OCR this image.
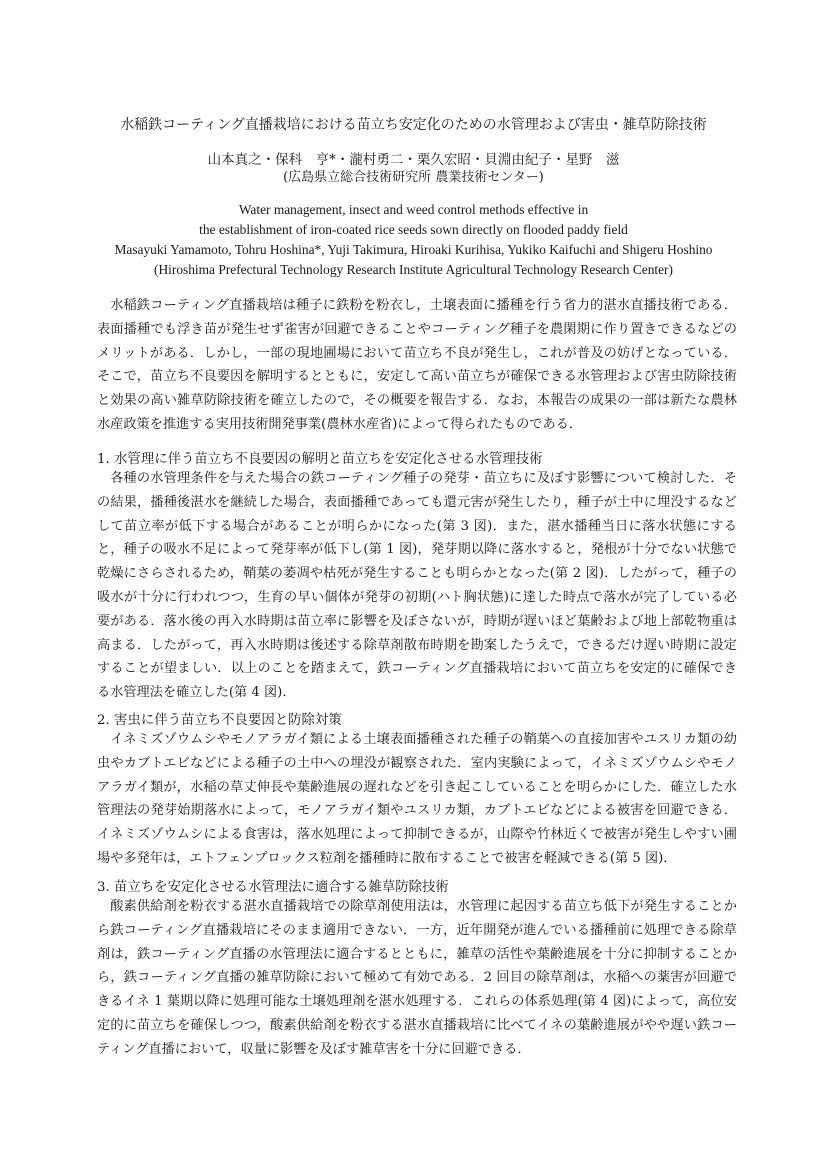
水稲鉄コーティング直播栽培における苗立ち安定化のための水管理および害虫・雑草防除技術
山本真之・保科　亨*・瀧村勇二・栗久宏昭・貝淵由紀子・星野　滋
(広島県立総合技術研究所 農業技術センター)
Water management, insect and weed control methods effective in
the establishment of iron-coated rice seeds sown directly on flooded paddy field
Masayuki Yamamoto, Tohru Hoshina*, Yuji Takimura, Hiroaki Kurihisa, Yukiko Kaifuchi and Shigeru Hoshino
(Hiroshima Prefectural Technology Research Institute Agricultural Technology Research Center)

水稲鉄コーティング直播栽培は種子に鉄粉を粉衣し，土壌表面に播種を行う省力的湛水直播技術である．表面播種でも浮き苗が発生せず雀害が回避できることやコーティング種子を農閑期に作り置きできるなどのメリットがある．しかし，一部の現地圃場において苗立ち不良が発生し，これが普及の妨げとなっている．そこで，苗立ち不良要因を解明するとともに，安定して高い苗立ちが確保できる水管理および害虫防除技術と効果の高い雑草防除技術を確立したので，その概要を報告する．なお，本報告の成果の一部は新たな農林水産政策を推進する実用技術開発事業(農林水産省)によって得られたものである．

1. 水管理に伴う苗立ち不良要因の解明と苗立ちを安定化させる水管理技術

各種の水管理条件を与えた場合の鉄コーティング種子の発芽・苗立ちに及ぼす影響について検討した．その結果，播種後湛水を継続した場合，表面播種であっても還元害が発生したり，種子が土中に埋没するなどして苗立率が低下する場合があることが明らかになった(第 3 図)．また，湛水播種当日に落水状態にすると，種子の吸水不足によって発芽率が低下し(第 1 図)，発芽期以降に落水すると，発根が十分でない状態で乾燥にさらされるため，鞘葉の萎凋や枯死が発生することも明らかとなった(第 2 図)．したがって，種子の吸水が十分に行われつつ，生育の早い個体が発芽の初期(ハト胸状態)に達した時点で落水が完了している必要がある．落水後の再入水時期は苗立率に影響を及ぼさないが，時期が遅いほど葉齢および地上部乾物重は高まる．したがって，再入水時期は後述する除草剤散布時期を勘案したうえで，できるだけ遅い時期に設定することが望ましい．以上のことを踏まえて，鉄コーティング直播栽培において苗立ちを安定的に確保できる水管理法を確立した(第 4 図)．

2. 害虫に伴う苗立ち不良要因と防除対策

イネミズゾウムシやモノアラガイ類による土壌表面播種された種子の鞘葉への直接加害やユスリカ類の幼虫やカブトエビなどによる種子の土中への埋没が観察された．室内実験によって，イネミズゾウムシやモノアラガイ類が，水稲の草丈伸長や葉齢進展の遅れなどを引き起こしていることを明らかにした．確立した水管理法の発芽始期落水によって，モノアラガイ類やユスリカ類，カブトエビなどによる被害を回避できる．イネミズゾウムシによる食害は，落水処理によって抑制できるが，山際や竹林近くで被害が発生しやすい圃場や多発年は，エトフェンプロックス粒剤を播種時に散布することで被害を軽減できる(第 5 図)．

3. 苗立ちを安定化させる水管理法に適合する雑草防除技術

酸素供給剤を粉衣する湛水直播栽培での除草剤使用法は，水管理に起因する苗立ち低下が発生することから鉄コーティング直播栽培にそのまま適用できない．一方，近年開発が進んでいる播種前に処理できる除草剤は，鉄コーティング直播の水管理法に適合するとともに，雑草の活性や葉齢進展を十分に抑制することから，鉄コーティング直播の雑草防除において極めて有効である．2 回目の除草剤は，水稲への薬害が回避できるイネ 1 葉期以降に処理可能な土壌処理剤を湛水処理する．これらの体系処理(第 4 図)によって，高位安定的に苗立ちを確保しつつ，酸素供給剤を粉衣する湛水直播栽培に比べてイネの葉齢進展がやや遅い鉄コーティング直播において，収量に影響を及ぼす雑草害を十分に回避できる．
